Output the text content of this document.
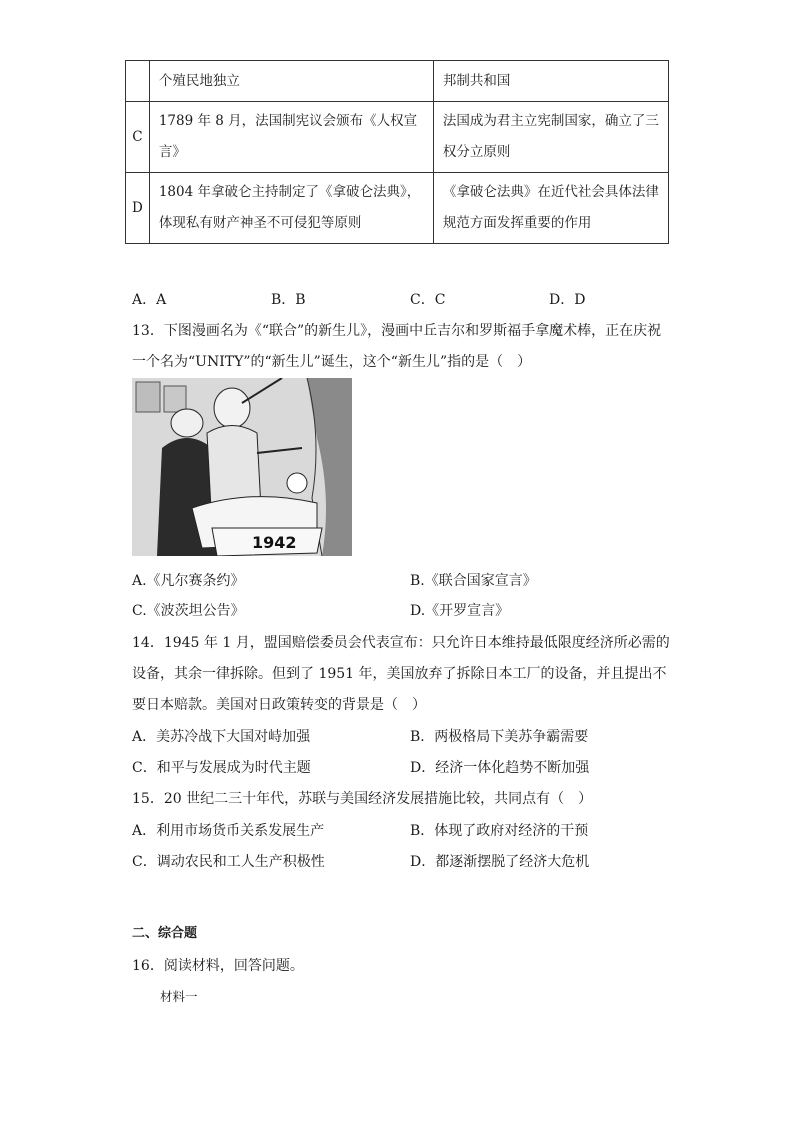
	个殖民地独立	邦制共和国
C	1789 年 8 月，法国制宪议会颁布《人权宣言》	法国成为君主立宪制国家，确立了三权分立原则
D	1804 年拿破仑主持制定了《拿破仑法典》，体现私有财产神圣不可侵犯等原则	《拿破仑法典》在近代社会具体法律规范方面发挥重要的作用
A．A	B．B	C．C	D．D
13．下图漫画名为《“联合”的新生儿》，漫画中丘吉尔和罗斯福手拿魔术棒，正在庆祝
一个名为“UNITY”的“新生儿”诞生，这个“新生儿”指的是（　）
1942
A.《凡尔赛条约》	B.《联合国家宣言》
C.《波茨坦公告》	D.《开罗宣言》
14．1945 年 1 月，盟国赔偿委员会代表宣布：只允许日本维持最低限度经济所必需的
设备，其余一律拆除。但到了 1951 年，美国放弃了拆除日本工厂的设备，并且提出不
要日本赔款。美国对日政策转变的背景是（　）
A．美苏冷战下大国对峙加强	B．两极格局下美苏争霸需要
C．和平与发展成为时代主题	D．经济一体化趋势不断加强
15．20 世纪二三十年代，苏联与美国经济发展措施比较，共同点有（　）
A．利用市场货币关系发展生产	B．体现了政府对经济的干预
C．调动农民和工人生产积极性	D．都逐渐摆脱了经济大危机
二、综合题
16．阅读材料，回答问题。
材料一
